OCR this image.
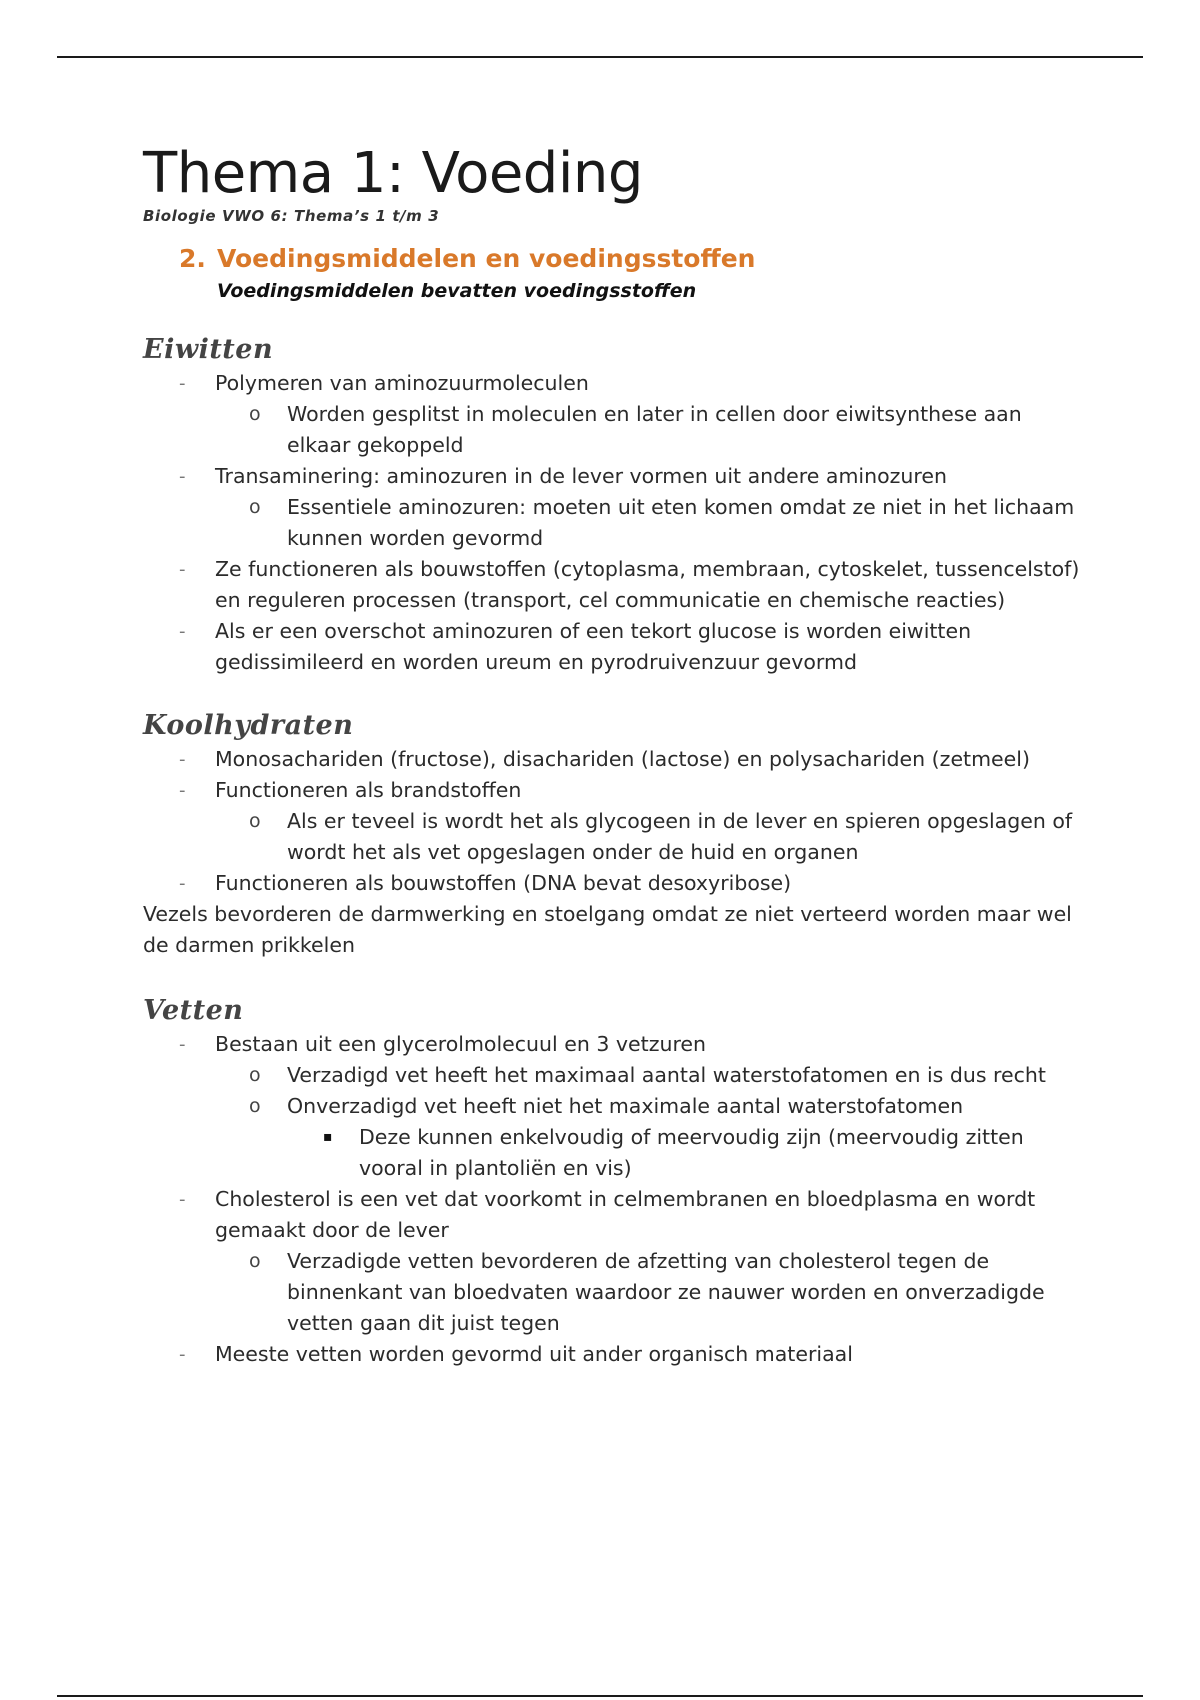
Thema 1: Voeding

Biologie VWO 6: Thema’s 1 t/m 3

2. Voedingsmiddelen en voedingsstoffen
Voedingsmiddelen bevatten voedingsstoffen
Eiwitten
- Polymeren van aminozuurmoleculen
o Worden gesplitst in moleculen en later in cellen door eiwitsynthese aan elkaar gekoppeld
- Transaminering: aminozuren in de lever vormen uit andere aminozuren
o Essentiele aminozuren: moeten uit eten komen omdat ze niet in het lichaam kunnen worden gevormd
- Ze functioneren als bouwstoffen (cytoplasma, membraan, cytoskelet, tussencelstof) en reguleren processen (transport, cel communicatie en chemische reacties)
- Als er een overschot aminozuren of een tekort glucose is worden eiwitten gedissimileerd en worden ureum en pyrodruivenzuur gevormd
Koolhydraten
- Monosachariden (fructose), disachariden (lactose) en polysachariden (zetmeel)
- Functioneren als brandstoffen
o Als er teveel is wordt het als glycogeen in de lever en spieren opgeslagen of wordt het als vet opgeslagen onder de huid en organen
- Functioneren als bouwstoffen (DNA bevat desoxyribose)

Vezels bevorderen de darmwerking en stoelgang omdat ze niet verteerd worden maar wel de darmen prikkelen

Vetten
- Bestaan uit een glycerolmolecuul en 3 vetzuren
o Verzadigd vet heeft het maximaal aantal waterstofatomen en is dus recht
o Onverzadigd vet heeft niet het maximale aantal waterstofatomen
▪ Deze kunnen enkelvoudig of meervoudig zijn (meervoudig zitten vooral in plantoliën en vis)
- Cholesterol is een vet dat voorkomt in celmembranen en bloedplasma en wordt gemaakt door de lever
o Verzadigde vetten bevorderen de afzetting van cholesterol tegen de binnenkant van bloedvaten waardoor ze nauwer worden en onverzadigde vetten gaan dit juist tegen
- Meeste vetten worden gevormd uit ander organisch materiaal
